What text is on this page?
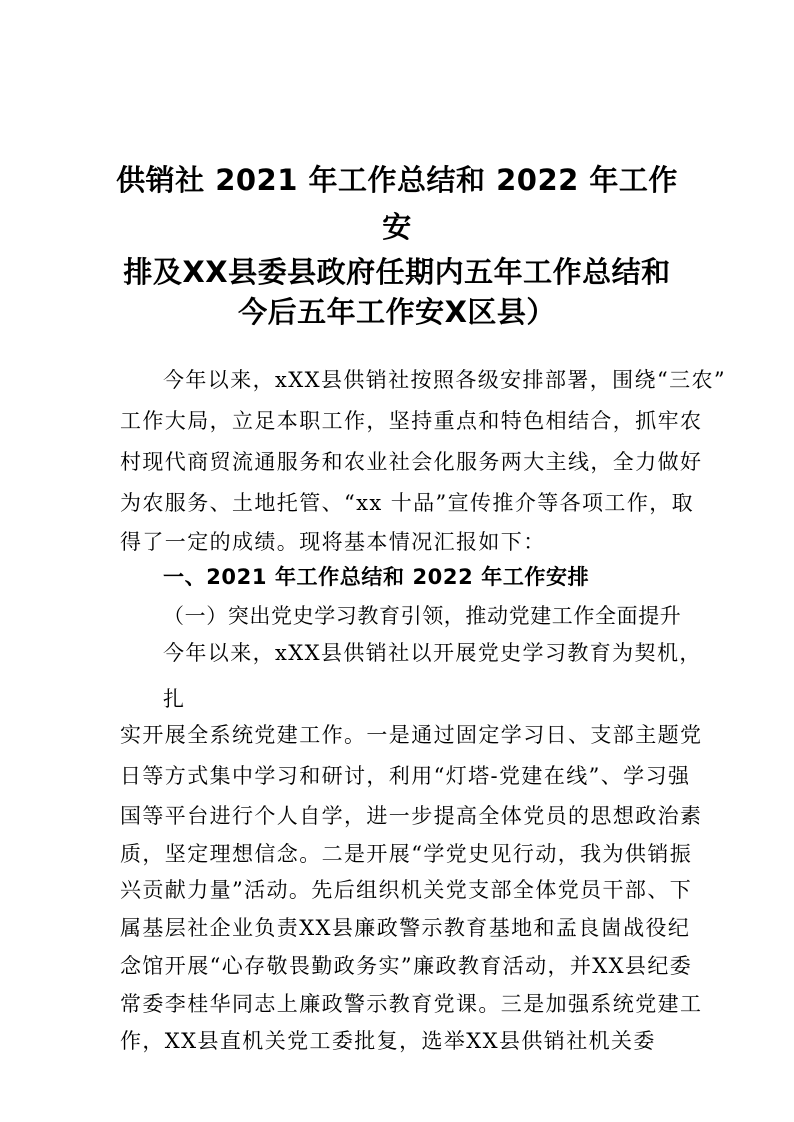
供销社 2021 年工作总结和 2022 年工作
安
排及XX县委县政府任期内五年工作总结和
今后五年工作安X区县）
今年以来，xXX县供销社按照各级安排部署，围绕“三农”
工作大局，立足本职工作，坚持重点和特色相结合，抓牢农
村现代商贸流通服务和农业社会化服务两大主线，全力做好
为农服务、土地托管、“xx 十品”宣传推介等各项工作，取
得了一定的成绩。现将基本情况汇报如下：
一、2021 年工作总结和 2022 年工作安排
（一）突出党史学习教育引领，推动党建工作全面提升
今年以来，xXX县供销社以开展党史学习教育为契机，
扎
实开展全系统党建工作。一是通过固定学习日、支部主题党
日等方式集中学习和研讨，利用“灯塔-党建在线”、学习强
国等平台进行个人自学，进一步提高全体党员的思想政治素
质，坚定理想信念。二是开展“学党史见行动，我为供销振
兴贡献力量”活动。先后组织机关党支部全体党员干部、下
属基层社企业负责XX县廉政警示教育基地和孟良崮战役纪
念馆开展“心存敬畏勤政务实”廉政教育活动，并XX县纪委
常委李桂华同志上廉政警示教育党课。三是加强系统党建工
作，XX县直机关党工委批复，选举XX县供销社机关委
